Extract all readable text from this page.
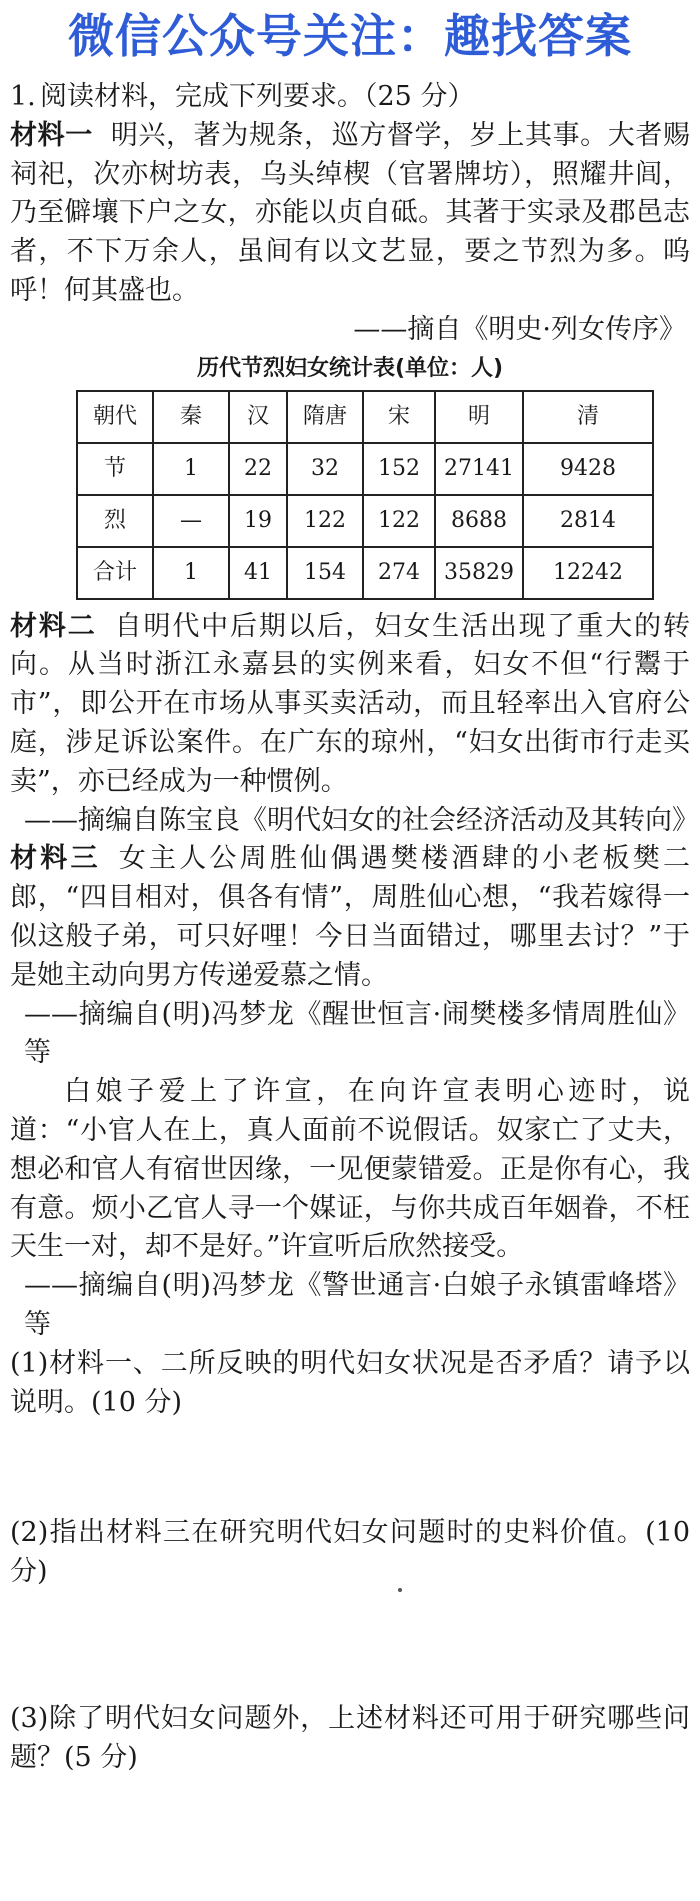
微信公众号关注：趣找答案

1. 阅读材料，完成下列要求。（25 分）

材料一 明兴，著为规条，巡方督学，岁上其事。大者赐祠祀，次亦树坊表，乌头绰楔（官署牌坊），照耀井闾，乃至僻壤下户之女，亦能以贞自砥。其著于实录及郡邑志者，不下万余人，虽间有以文艺显，要之节烈为多。呜呼！何其盛也。

——摘自《明史·列女传序》

历代节烈妇女统计表(单位：人)
朝代	秦	汉	隋唐	宋	明	清
节	1	22	32	152	27141	9428
烈	—	19	122	122	8688	2814
合计	1	41	154	274	35829	12242

材料二 自明代中后期以后，妇女生活出现了重大的转向。从当时浙江永嘉县的实例来看，妇女不但“行鬻于市”，即公开在市场从事买卖活动，而且轻率出入官府公庭，涉足诉讼案件。在广东的琼州，“妇女出街市行走买卖”，亦已经成为一种惯例。

——摘编自陈宝良《明代妇女的社会经济活动及其转向》

材料三 女主人公周胜仙偶遇樊楼酒肆的小老板樊二郎，“四目相对，俱各有情”，周胜仙心想，“我若嫁得一似这般子弟，可只好哩！今日当面错过，哪里去讨？”于是她主动向男方传递爱慕之情。

——摘编自(明)冯梦龙《醒世恒言·闹樊楼多情周胜仙》等

白娘子爱上了许宣，在向许宣表明心迹时，说道：“小官人在上，真人面前不说假话。奴家亡了丈夫，想必和官人有宿世因缘，一见便蒙错爱。正是你有心，我有意。烦小乙官人寻一个媒证，与你共成百年姻眷，不枉天生一对，却不是好。”许宣听后欣然接受。

——摘编自(明)冯梦龙《警世通言·白娘子永镇雷峰塔》等

(1)材料一、二所反映的明代妇女状况是否矛盾？请予以说明。(10 分)

(2)指出材料三在研究明代妇女问题时的史料价值。(10 分)

(3)除了明代妇女问题外，上述材料还可用于研究哪些问题？(5 分)
